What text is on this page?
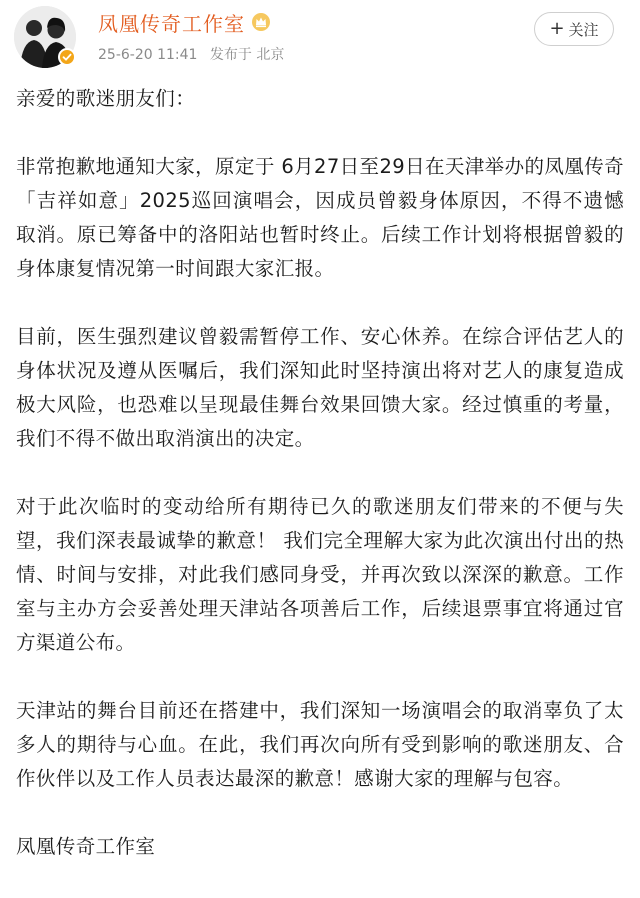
凤凰传奇工作室
25-6-20 11:41 发布于 北京
+ 关注

亲爱的歌迷朋友们：

非常抱歉地通知大家，原定于 6月27日至29日在天津举办的凤凰传奇「吉祥如意」2025巡回演唱会，因成员曾毅身体原因，不得不遗憾取消。原已筹备中的洛阳站也暂时终止。后续工作计划将根据曾毅的身体康复情况第一时间跟大家汇报。

目前，医生强烈建议曾毅需暂停工作、安心休养。在综合评估艺人的身体状况及遵从医嘱后，我们深知此时坚持演出将对艺人的康复造成极大风险，也恐难以呈现最佳舞台效果回馈大家。经过慎重的考量，我们不得不做出取消演出的决定。

对于此次临时的变动给所有期待已久的歌迷朋友们带来的不便与失望，我们深表最诚挚的歉意！ 我们完全理解大家为此次演出付出的热情、时间与安排，对此我们感同身受，并再次致以深深的歉意。工作室与主办方会妥善处理天津站各项善后工作，后续退票事宜将通过官方渠道公布。

天津站的舞台目前还在搭建中，我们深知一场演唱会的取消辜负了太多人的期待与心血。在此，我们再次向所有受到影响的歌迷朋友、合作伙伴以及工作人员表达最深的歉意！感谢大家的理解与包容。

凤凰传奇工作室
